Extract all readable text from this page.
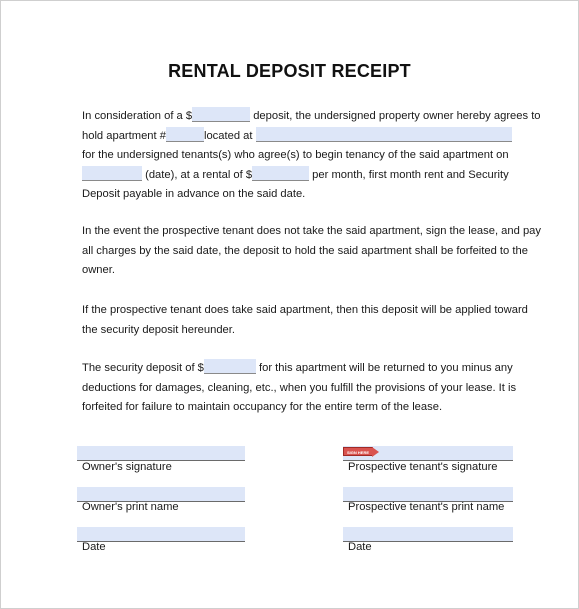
RENTAL DEPOSIT RECEIPT
In consideration of a $	deposit, the undersigned property owner hereby agrees to
hold apartment #	located at
for the undersigned tenants(s) who agree(s) to begin tenancy of the said apartment on
(date), at a rental of $	per month, first month rent and Security
Deposit payable in advance on the said date.
In the event the prospective tenant does not take the said apartment, sign the lease, and pay
all charges by the said date, the deposit to hold the said apartment shall be forfeited to the
owner.
If the prospective tenant does take said apartment, then this deposit will be applied toward
the security deposit hereunder.
The security deposit of $	for this apartment will be returned to you minus any
deductions for damages, cleaning, etc., when you fulfill the provisions of your lease. It is
forfeited for failure to maintain occupancy for the entire term of the lease.
Owner's signature
Owner's print name
Date
SIGN HERE
Prospective tenant's signature
Prospective tenant's print name
Date
